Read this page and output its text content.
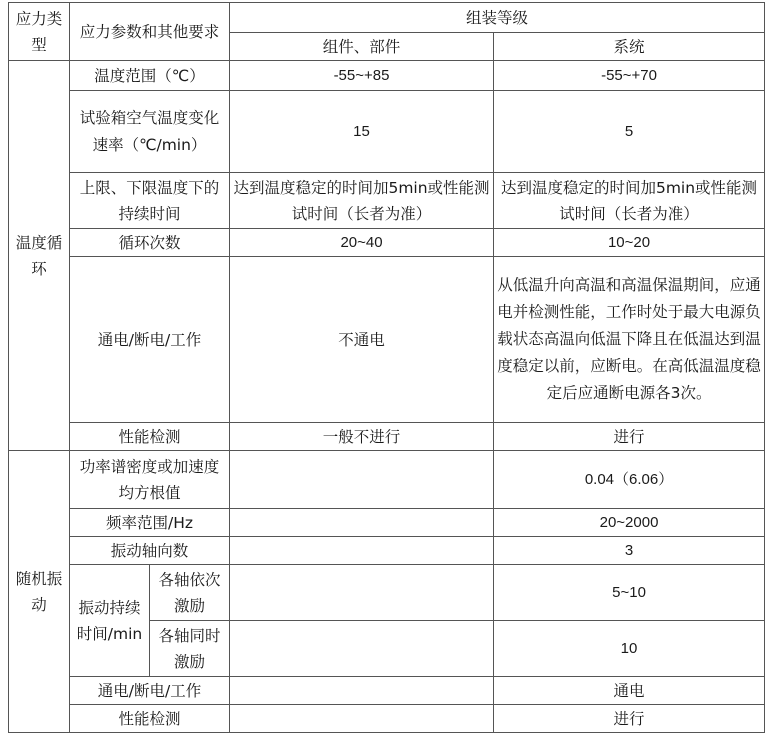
应力类型	应力参数和其他要求		组装等级	
			组件、部件	系统
温度循环	温度范围（℃）		-55~+85	-55~+70
	试验箱空气温度变化速率（℃/min）		15	5
	上限、下限温度下的持续时间		达到温度稳定的时间加5min或性能测试时间（长者为准）	达到温度稳定的时间加5min或性能测试时间（长者为准）
	循环次数		20~40	10~20
	通电/断电/工作		不通电	从低温升向高温和高温保温期间，应通电并检测性能，工作时处于最大电源负载状态高温向低温下降且在低温达到温度稳定以前，应断电。在高低温温度稳定后应通断电源各3次。
	性能检测		一般不进行	进行
随机振动	功率谱密度或加速度均方根值			0.04（6.06）
	频率范围/Hz			20~2000
	振动轴向数			3
	振动持续时间/min	各轴依次激励		5~10
		各轴同时激励		10
	通电/断电/工作			通电
	性能检测			进行
